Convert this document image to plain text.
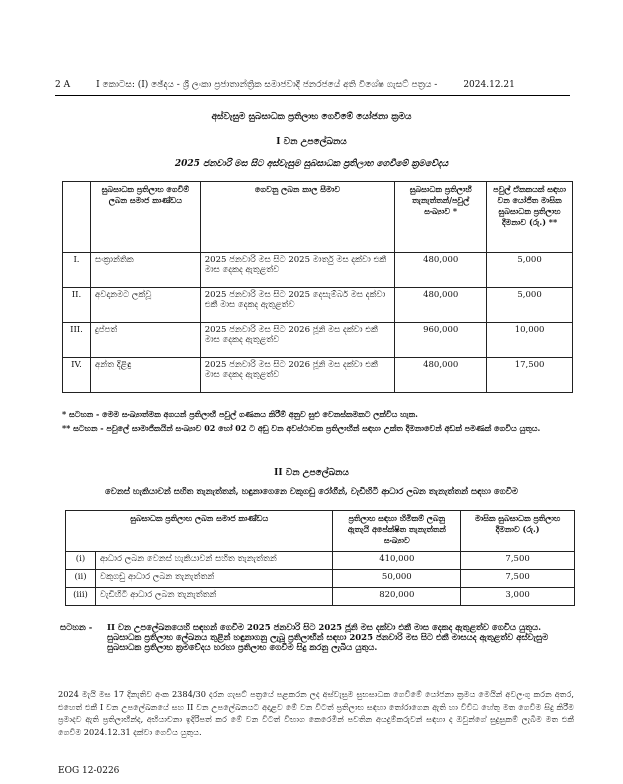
2 A	I කොටස: (I) ඡේදය - ශ්‍රී ලංකා ප්‍රජාතාන්ත්‍රික සමාජවාදී ජනරජයේ අති විශේෂ ගැසට් පත්‍රය -	2024.12.21
අස්වැසුම සුබසාධක ප්‍රතිලාභ ගෙවීමේ යෝජනා ක්‍රමය
I වන උපලේඛනය
2025 ජනවාරි මස සිට අස්වැසුම සුබසාධක ප්‍රතිලාභ ගෙවීමේ ක්‍රමවේදය
	සුබසාධක ප්‍රතිලාභ ගෙවීම් ලබන සමාජ කාණ්ඩය	ගෙවනු ලබන කාල සීමාව	සුබසාධක ප්‍රතිලාභී තැනැත්තන්/පවුල් සංඛ්‍යාව *	පවුල් ඒකකයක් සඳහා වන යෝජිත මාසික සුබසාධක ප්‍රතිලාභ දීමනාව (රු.) **
I.	සංක්‍රාන්තික	2025 ජනවාරි මස සිට 2025 මාර්තු මස දක්වා එකී මාස දෙකද ඇතුළත්ව	480,000	5,000
II.	අවදානමට ලක්වූ	2025 ජනවාරි මස සිට 2025 දෙසැම්බර් මස දක්වා එකී මාස දෙකද ඇතුළත්ව	480,000	5,000
III.	දුප්පත්	2025 ජනවාරි මස සිට 2026 ජූනි මස දක්වා එකී මාස දෙකද ඇතුළත්ව	960,000	10,000
IV.	අන්ත දිළිඳු	2025 ජනවාරි මස සිට 2026 ජූනි මස දක්වා එකී මාස දෙකද ඇතුළත්ව	480,000	17,500
* සටහන - මෙම සංඛ්‍යාත්මක අගයන් ප්‍රතිලාභී පවුල් ගණනය කිරීම් අනුව සුළු වෙනස්කමකට ලක්විය හැක.
** සටහන - පවුලේ සාමාජිකයින් සංඛ්‍යාව 02 හෝ 02 ට අඩු වන අවස්ථාවක ප්‍රතිලාභීන් සඳහා උක්ත දීමනාවෙන් අඩක් පමණක් ගෙවිය යුතුය.
II වන උපලේඛනය
වෙනස් හැකියාවන් සහිත තැනැත්තන්, හඳුනාගෙනෙ වකුගඩු රෝගීන්, වැඩිහිටි ආධාර ලබන තැනැත්තන් සඳහා ගෙවීම
සුබසාධක ප්‍රතිලාභ ලබන සමාජ කාණ්ඩය		ප්‍රතිලාභ සඳහා හිමිකම් ලබනු ඇතැයි අපේක්ෂිත තැනැත්තන් සංඛ්‍යාව	මාසික සුබසාධක ප්‍රතිලාභ දීමනාව (රු.)
(i)	ආධාර ලබන වෙනස් හැකියාවන් සහිත තැනැත්තන්	410,000	7,500
(ii)	වකුගඩු ආධාර ලබන තැනැත්තන්	50,000	7,500
(iii)	වැඩිහිටි ආධාර ලබන තැනැත්තන්	820,000	3,000
සටහන -	II වන උපලේඛනයෙහි සඳහන් ගෙවීම 2025 ජනවාරි සිට 2025 ජූනි මස දක්වා එකී මාස දෙකද ඇතුළත්ව ගෙවිය යුතුය. සුබසාධක ප්‍රතිලාභ ලේඛනය තුළින් හඳුනාගනු ලැබූ ප්‍රතිලාභීන් සඳහා 2025 ජනවාරි මස සිට එකී මාසයද ඇතුළත්ව අස්වැසුම සුබසාධක ප්‍රතිලාභ ක්‍රමවේදය හරහා ප්‍රතිලාභ ගෙවීම සිදු කරනු ලැබිය යුතුය.
2024 මැයි මස 17 දිනැතිව අංක 2384/30 දරන ගැසට් පත්‍රයේ පළකරන ලද අස්වැසුම සුභසාධක ගෙවීමේ යෝජනා ක්‍රමය මෙයින් අවලංගු කරන අතර, එහෙත් එකී I වන උපලේඛනයේ සහ II වන උපලේඛනයට අදාළව මේ වන විටත් ප්‍රතිලාභ සඳහා තෝරාගෙන ඇති හා විවිධ හේතු මත ගෙවීම සිදු කිරීම ප්‍රමාදව ඇති ප්‍රතිලාභීන්ද, අභියාචනා ඉදිරිපත් කර මේ වන විටත් විභාග කෙරෙමින් පවතින අයදුම්කරුවන් සඳහා ද ඔවුන්ගේ සුදුසුකම් ලැබීම මත එකී ගෙවීම 2024.12.31 දක්වා ගෙවිය යුතුය.
EOG 12-0226
